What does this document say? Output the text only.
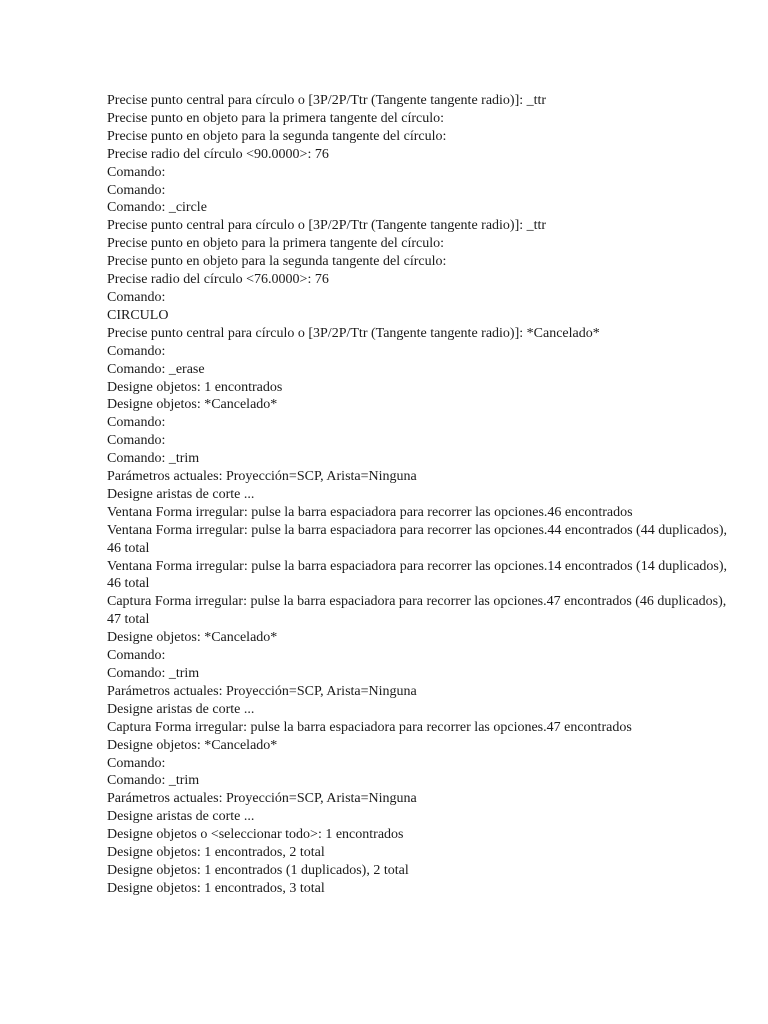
Precise punto central para círculo o [3P/2P/Ttr (Tangente tangente radio)]: _ttr

Precise punto en objeto para la primera tangente del círculo:

Precise punto en objeto para la segunda tangente del círculo:

Precise radio del círculo <90.0000>: 76

Comando:

Comando:

Comando: _circle

Precise punto central para círculo o [3P/2P/Ttr (Tangente tangente radio)]: _ttr

Precise punto en objeto para la primera tangente del círculo:

Precise punto en objeto para la segunda tangente del círculo:

Precise radio del círculo <76.0000>: 76

Comando:

CIRCULO

Precise punto central para círculo o [3P/2P/Ttr (Tangente tangente radio)]: *Cancelado*

Comando:

Comando: _erase

Designe objetos: 1 encontrados

Designe objetos: *Cancelado*

Comando:

Comando:

Comando: _trim

Parámetros actuales: Proyección=SCP, Arista=Ninguna

Designe aristas de corte ...

Ventana Forma irregular: pulse la barra espaciadora para recorrer las opciones.46 encontrados

Ventana Forma irregular: pulse la barra espaciadora para recorrer las opciones.44 encontrados (44 duplicados), 46 total

Ventana Forma irregular: pulse la barra espaciadora para recorrer las opciones.14 encontrados (14 duplicados), 46 total

Captura Forma irregular: pulse la barra espaciadora para recorrer las opciones.47 encontrados (46 duplicados), 47 total

Designe objetos: *Cancelado*

Comando:

Comando: _trim

Parámetros actuales: Proyección=SCP, Arista=Ninguna

Designe aristas de corte ...

Captura Forma irregular: pulse la barra espaciadora para recorrer las opciones.47 encontrados

Designe objetos: *Cancelado*

Comando:

Comando: _trim

Parámetros actuales: Proyección=SCP, Arista=Ninguna

Designe aristas de corte ...

Designe objetos o <seleccionar todo>: 1 encontrados

Designe objetos: 1 encontrados, 2 total

Designe objetos: 1 encontrados (1 duplicados), 2 total

Designe objetos: 1 encontrados, 3 total
